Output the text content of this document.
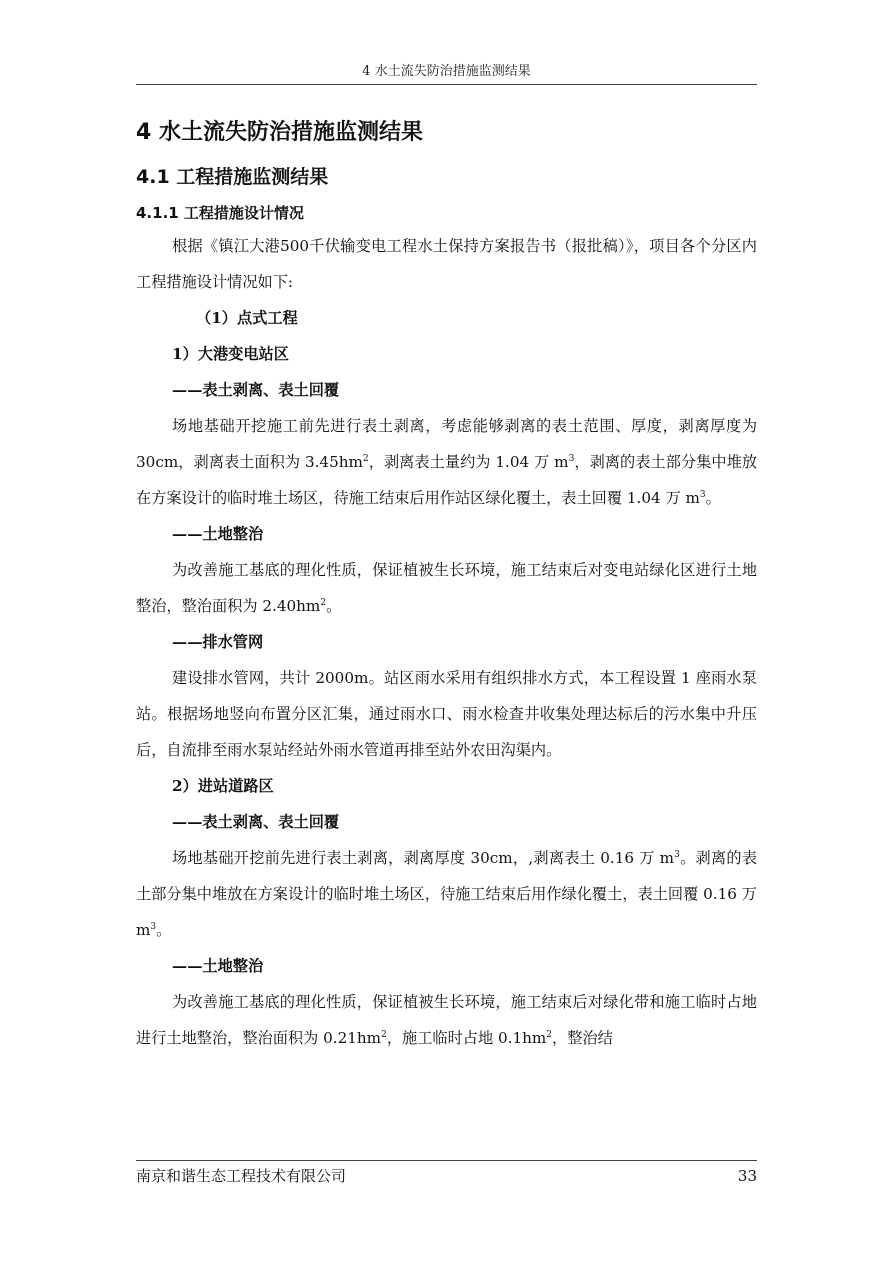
4 水土流失防治措施监测结果
4 水土流失防治措施监测结果
4.1 工程措施监测结果
4.1.1 工程措施设计情况

根据《镇江大港500千伏输变电工程水土保持方案报告书（报批稿）》，项目各个分区内工程措施设计情况如下:

（1）点式工程

1）大港变电站区

——表土剥离、表土回覆

场地基础开挖施工前先进行表土剥离，考虑能够剥离的表土范围、厚度，剥离厚度为 30cm，剥离表土面积为 $3.45hm^2$，剥离表土量约为 1.04 万 $m^3$，剥离的表土部分集中堆放在方案设计的临时堆土场区，待施工结束后用作站区绿化覆土，表土回覆 1.04 万 $m^3$。

——土地整治

为改善施工基底的理化性质，保证植被生长环境，施工结束后对变电站绿化区进行土地整治，整治面积为 $2.40hm^2$。

——排水管网

建设排水管网，共计 2000m。站区雨水采用有组织排水方式，本工程设置 1 座雨水泵站。根据场地竖向布置分区汇集，通过雨水口、雨水检查井收集处理达标后的污水集中升压后，自流排至雨水泵站经站外雨水管道再排至站外农田沟渠内。

2）进站道路区

——表土剥离、表土回覆

场地基础开挖前先进行表土剥离，剥离厚度 30cm，,剥离表土 0.16 万 $m^3$。剥离的表土部分集中堆放在方案设计的临时堆土场区，待施工结束后用作绿化覆土，表土回覆 0.16 万 $m^3$。

——土地整治

为改善施工基底的理化性质，保证植被生长环境，施工结束后对绿化带和施工临时占地进行土地整治，整治面积为 $0.21hm^2$，施工临时占地 $0.1hm^2$，整治结

南京和谐生态工程技术有限公司	33
